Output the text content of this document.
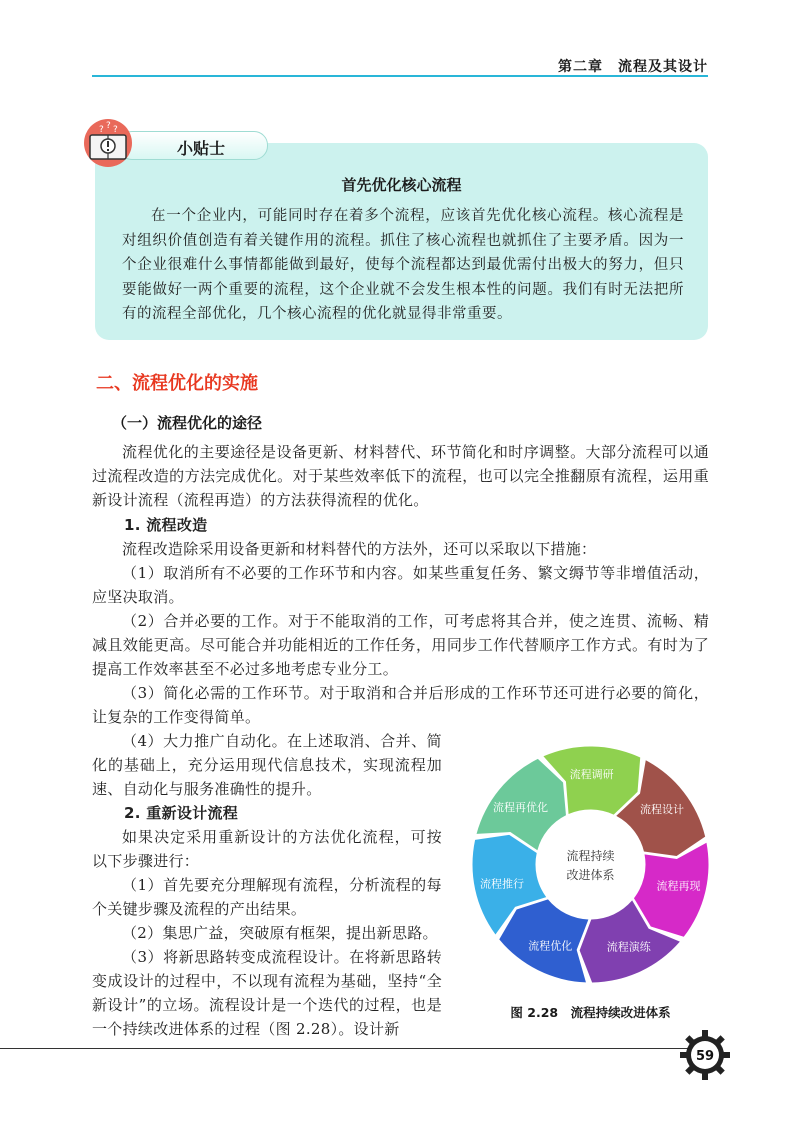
第二章　流程及其设计
小贴士
? ? ?
首先优化核心流程
在一个企业内，可能同时存在着多个流程，应该首先优化核心流程。核心流程是对组织价值创造有着关键作用的流程。抓住了核心流程也就抓住了主要矛盾。因为一个企业很难什么事情都能做到最好，使每个流程都达到最优需付出极大的努力，但只要能做好一两个重要的流程，这个企业就不会发生根本性的问题。我们有时无法把所有的流程全部优化，几个核心流程的优化就显得非常重要。
二、流程优化的实施
（一）流程优化的途径
流程优化的主要途径是设备更新、材料替代、环节简化和时序调整。大部分流程可以通过流程改造的方法完成优化。对于某些效率低下的流程，也可以完全推翻原有流程，运用重新设计流程（流程再造）的方法获得流程的优化。
1. 流程改造
流程改造除采用设备更新和材料替代的方法外，还可以采取以下措施：
（1）取消所有不必要的工作环节和内容。如某些重复任务、繁文缛节等非增值活动，应坚决取消。
（2）合并必要的工作。对于不能取消的工作，可考虑将其合并，使之连贯、流畅、精减且效能更高。尽可能合并功能相近的工作任务，用同步工作代替顺序工作方式。有时为了提高工作效率甚至不必过多地考虑专业分工。
（3）简化必需的工作环节。对于取消和合并后形成的工作环节还可进行必要的简化，让复杂的工作变得简单。
（4）大力推广自动化。在上述取消、合并、简化的基础上，充分运用现代信息技术，实现流程加速、自动化与服务准确性的提升。
2. 重新设计流程
如果决定采用重新设计的方法优化流程，可按以下步骤进行：
（1）首先要充分理解现有流程，分析流程的每个关键步骤及流程的产出结果。
（2）集思广益，突破原有框架，提出新思路。
（3）将新思路转变成流程设计。在将新思路转变成设计的过程中，不以现有流程为基础，坚持“全新设计”的立场。流程设计是一个迭代的过程，也是一个持续改进体系的过程（图 2.28）。设计新
流程调研
流程设计
流程再现
流程演练
流程优化
流程推行
流程再优化
流程持续
改进体系
图 2.28　流程持续改进体系
59
